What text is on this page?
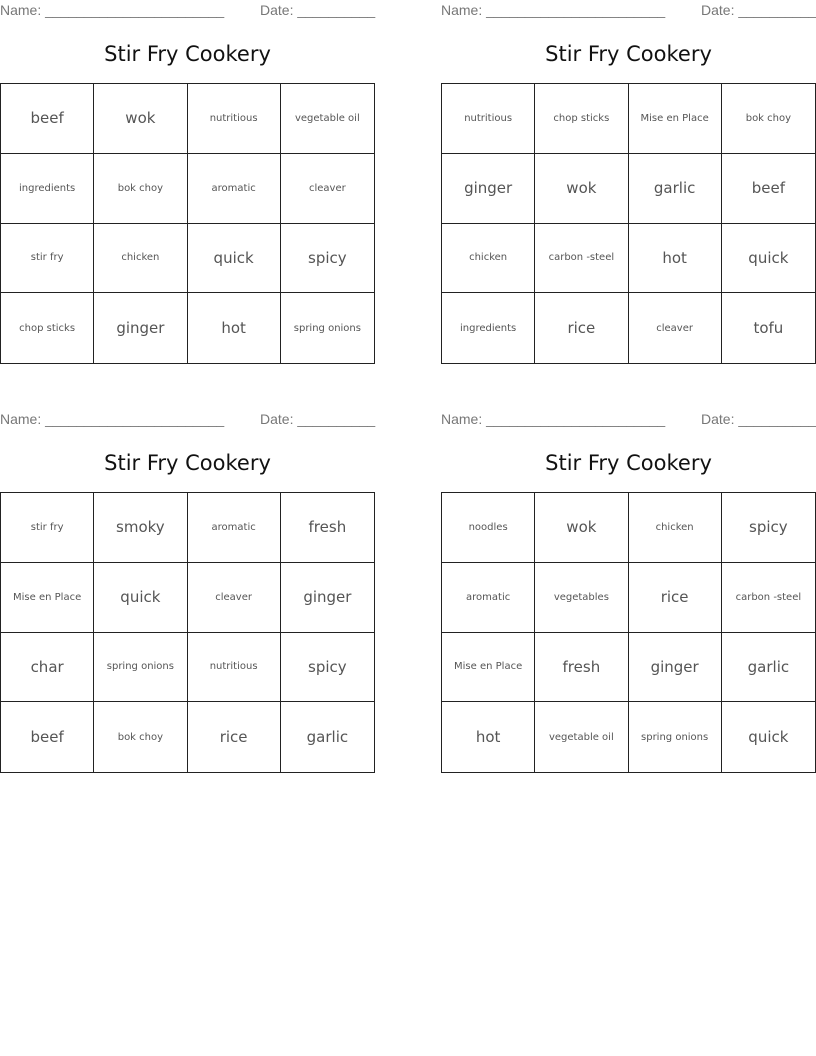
Name: _______________________	Date: __________
Stir Fry Cookery
beef	wok	nutritious	vegetable oil
ingredients	bok choy	aromatic	cleaver
stir fry	chicken	quick	spicy
chop sticks	ginger	hot	spring onions
Name: _______________________	Date: __________
Stir Fry Cookery
nutritious	chop sticks	Mise en Place	bok choy
ginger	wok	garlic	beef
chicken	carbon -steel	hot	quick
ingredients	rice	cleaver	tofu
Name: _______________________	Date: __________
Stir Fry Cookery
stir fry	smoky	aromatic	fresh
Mise en Place	quick	cleaver	ginger
char	spring onions	nutritious	spicy
beef	bok choy	rice	garlic
Name: _______________________	Date: __________
Stir Fry Cookery
noodles	wok	chicken	spicy
aromatic	vegetables	rice	carbon -steel
Mise en Place	fresh	ginger	garlic
hot	vegetable oil	spring onions	quick
